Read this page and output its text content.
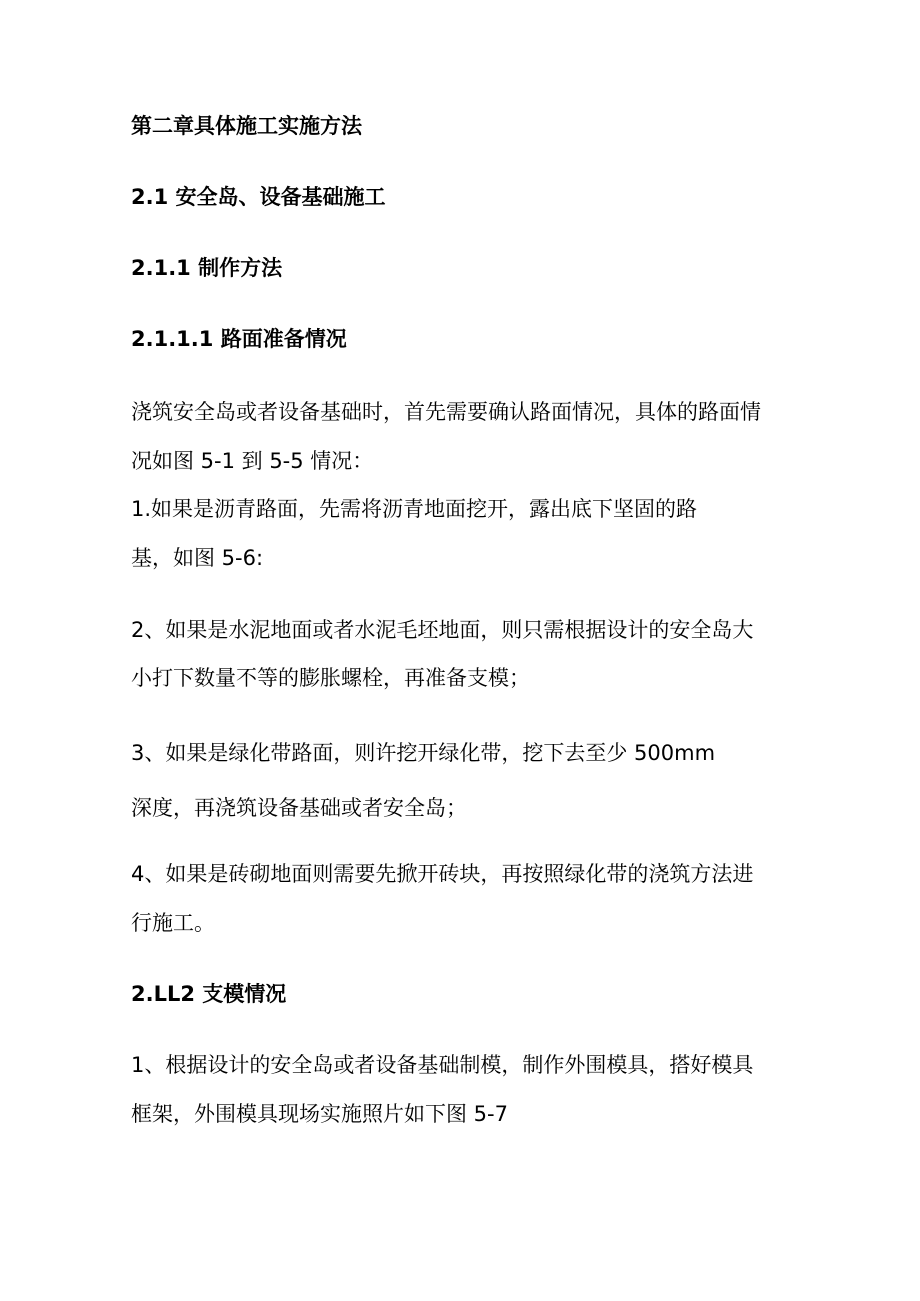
第二章具体施工实施方法
2.1 安全岛、设备基础施工
2.1.1 制作方法
2.1.1.1 路面准备情况
浇筑安全岛或者设备基础时，首先需要确认路面情况，具体的路面情
况如图 5-1 到 5-5 情况：
1.如果是沥青路面，先需将沥青地面挖开，露出底下坚固的路
基，如图 5-6:
2、如果是水泥地面或者水泥毛坯地面，则只需根据设计的安全岛大
小打下数量不等的膨胀螺栓，再准备支模；
3、如果是绿化带路面，则许挖开绿化带，挖下去至少 500mm
深度，再浇筑设备基础或者安全岛；
4、如果是砖砌地面则需要先掀开砖块，再按照绿化带的浇筑方法进
行施工。
2.LL2 支模情况
1、根据设计的安全岛或者设备基础制模，制作外围模具，搭好模具
框架，外围模具现场实施照片如下图 5-7
